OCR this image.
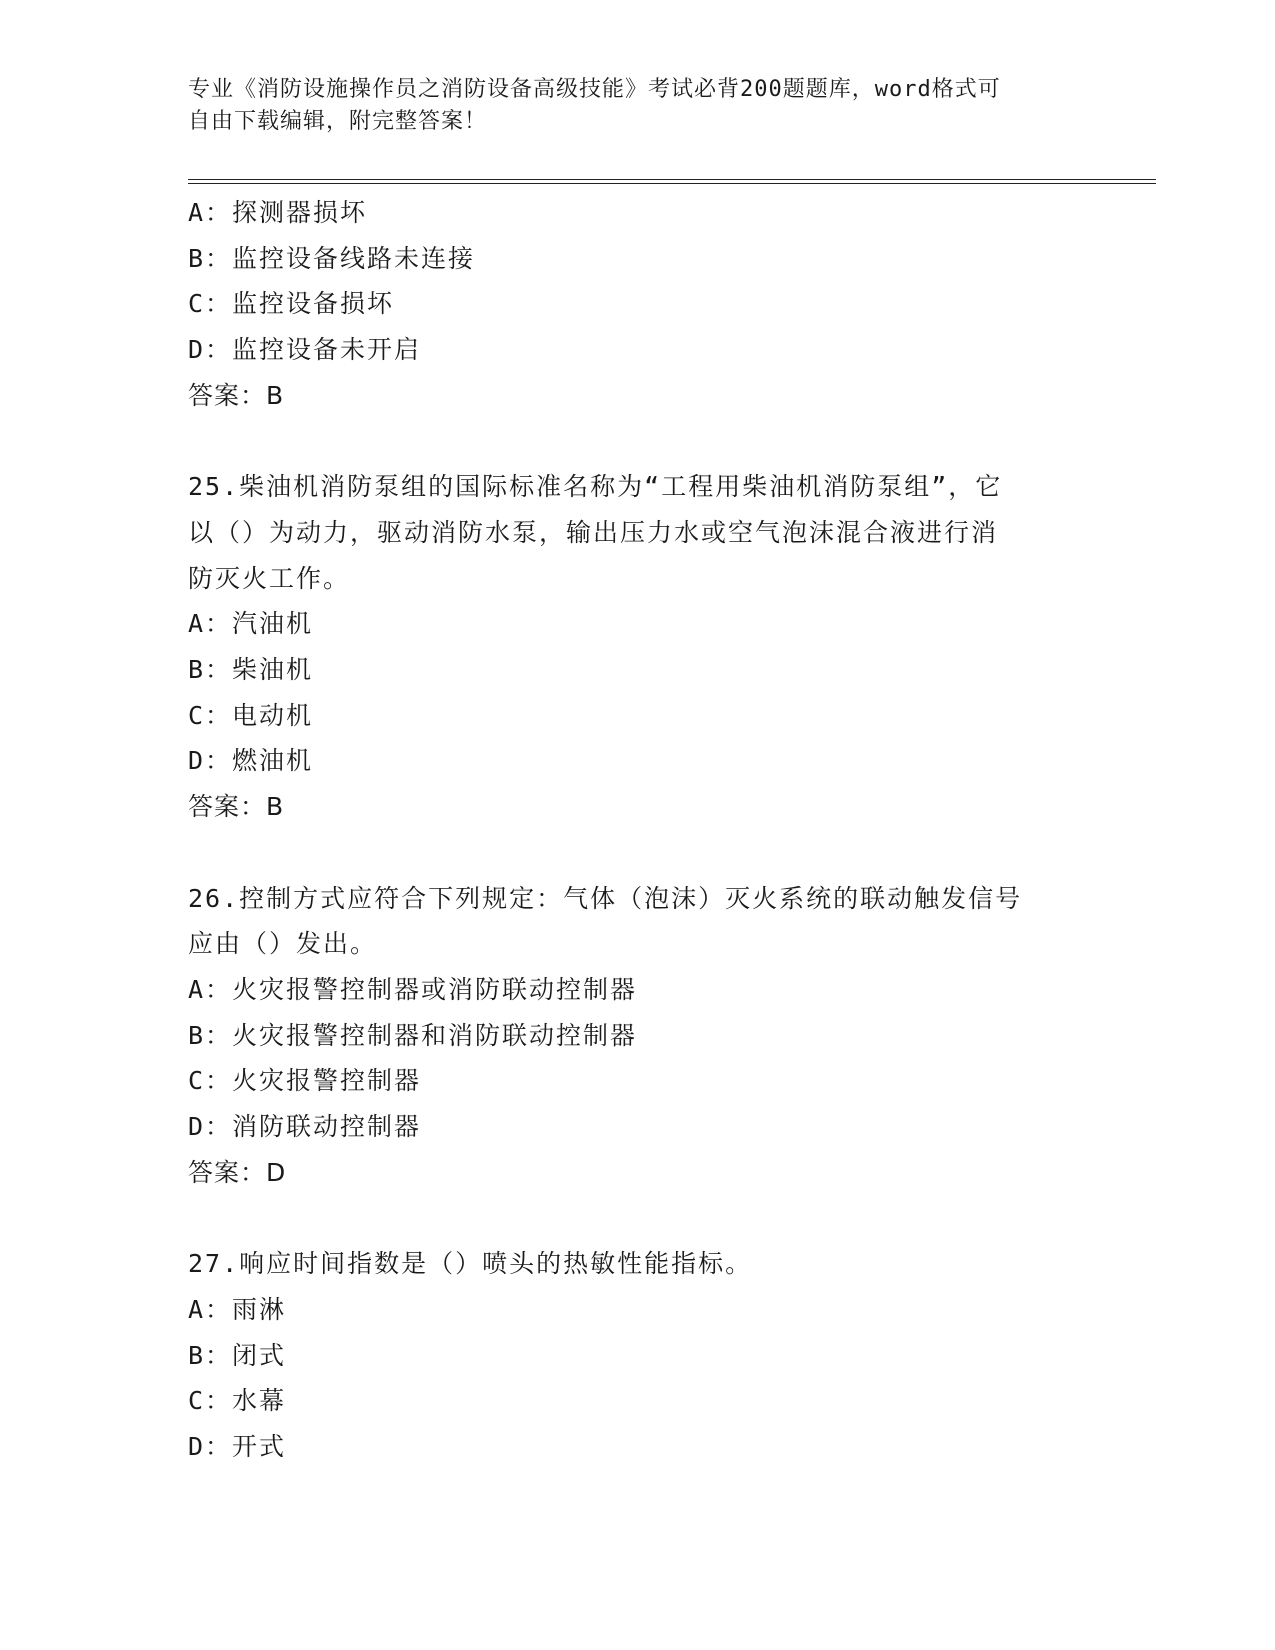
专业《消防设施操作员之消防设备高级技能》考试必背200题题库，word格式可
自由下载编辑，附完整答案！
A：探测器损坏
B：监控设备线路未连接
C：监控设备损坏
D：监控设备未开启
答案：B
25.柴油机消防泵组的国际标准名称为“工程用柴油机消防泵组”，它
以（）为动力，驱动消防水泵，输出压力水或空气泡沫混合液进行消
防灭火工作。
A：汽油机
B：柴油机
C：电动机
D：燃油机
答案：B
26.控制方式应符合下列规定：气体（泡沫）灭火系统的联动触发信号
应由（）发出。
A：火灾报警控制器或消防联动控制器
B：火灾报警控制器和消防联动控制器
C：火灾报警控制器
D：消防联动控制器
答案：D
27.响应时间指数是（）喷头的热敏性能指标。
A：雨淋
B：闭式
C：水幕
D：开式
